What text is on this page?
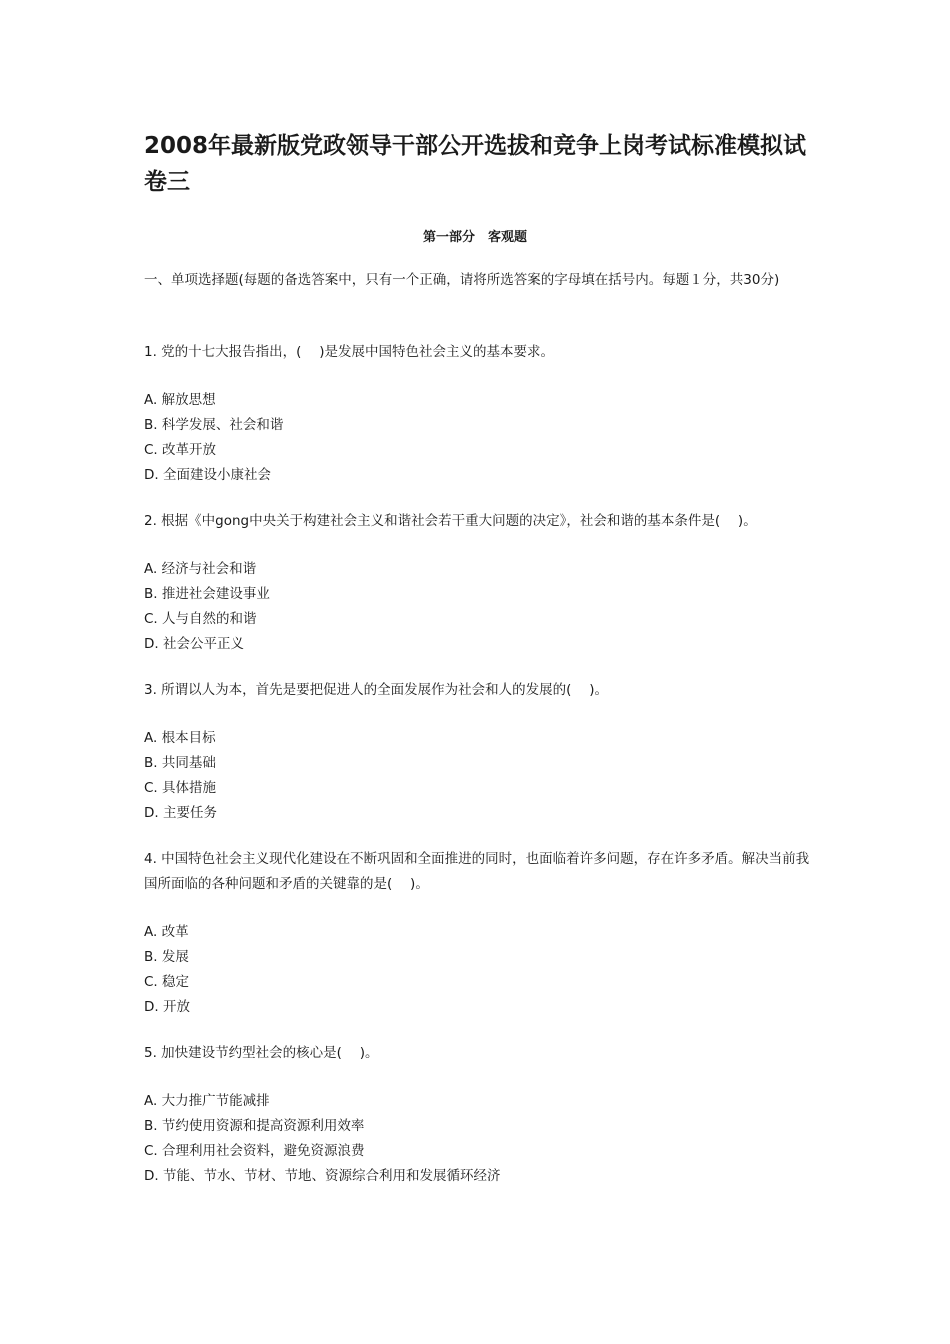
2008年最新版党政领导干部公开选拔和竞争上岗考试标准模拟试卷三
第一部分　客观题

一、单项选择题(每题的备选答案中，只有一个正确，请将所选答案的字母填在括号内。每题１分，共30分)

1. 党的十七大报告指出，(　 )是发展中国特色社会主义的基本要求。

A. 解放思想

B. 科学发展、社会和谐

C. 改革开放

D. 全面建设小康社会

2. 根据《中gong中央关于构建社会主义和谐社会若干重大问题的决定》，社会和谐的基本条件是(　 )。

A. 经济与社会和谐

B. 推进社会建设事业

C. 人与自然的和谐

D. 社会公平正义

3. 所谓以人为本，首先是要把促进人的全面发展作为社会和人的发展的(　 )。

A. 根本目标

B. 共同基础

C. 具体措施

D. 主要任务

4. 中国特色社会主义现代化建设在不断巩固和全面推进的同时，也面临着许多问题，存在许多矛盾。解决当前我国所面临的各种问题和矛盾的关键靠的是(　 )。

A. 改革

B. 发展

C. 稳定

D. 开放

5. 加快建设节约型社会的核心是(　 )。

A. 大力推广节能减排

B. 节约使用资源和提高资源利用效率

C. 合理利用社会资料，避免资源浪费

D. 节能、节水、节材、节地、资源综合利用和发展循环经济
